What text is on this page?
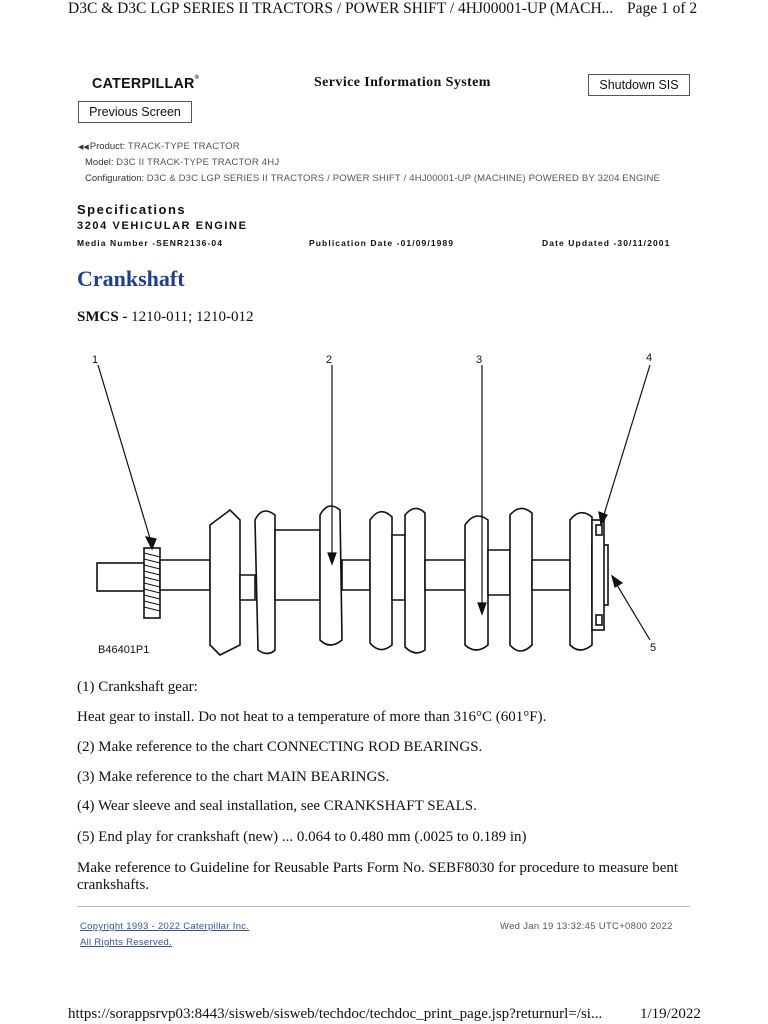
D3C & D3C LGP SERIES II TRACTORS / POWER SHIFT / 4HJ00001-UP (MACH... Page 1 of 2
CATERPILLAR®	Service Information System	Shutdown SIS
Previous Screen
◀◀Product: TRACK-TYPE TRACTOR
Model: D3C II TRACK-TYPE TRACTOR 4HJ
Configuration: D3C & D3C LGP SERIES II TRACTORS / POWER SHIFT / 4HJ00001-UP (MACHINE) POWERED BY 3204 ENGINE
Specifications
3204 VEHICULAR ENGINE
Media Number -SENR2136-04	Publication Date -01/09/1989	Date Updated -30/11/2001
Crankshaft
SMCS - 1210-011; 1210-012
1	2	3	4
5
B46401P1
(1) Crankshaft gear:
Heat gear to install. Do not heat to a temperature of more than 316°C (601°F).
(2) Make reference to the chart CONNECTING ROD BEARINGS.
(3) Make reference to the chart MAIN BEARINGS.
(4) Wear sleeve and seal installation, see CRANKSHAFT SEALS.
(5) End play for crankshaft (new) ... 0.064 to 0.480 mm (.0025 to 0.189 in)
Make reference to Guideline for Reusable Parts Form No. SEBF8030 for procedure to measure bent crankshafts.
Copyright 1993 - 2022 Caterpillar Inc.
All Rights Reserved.
Wed Jan 19 13:32:45 UTC+0800 2022
https://sorappsrvp03:8443/sisweb/sisweb/techdoc/techdoc_print_page.jsp?returnurl=/si...	1/19/2022
